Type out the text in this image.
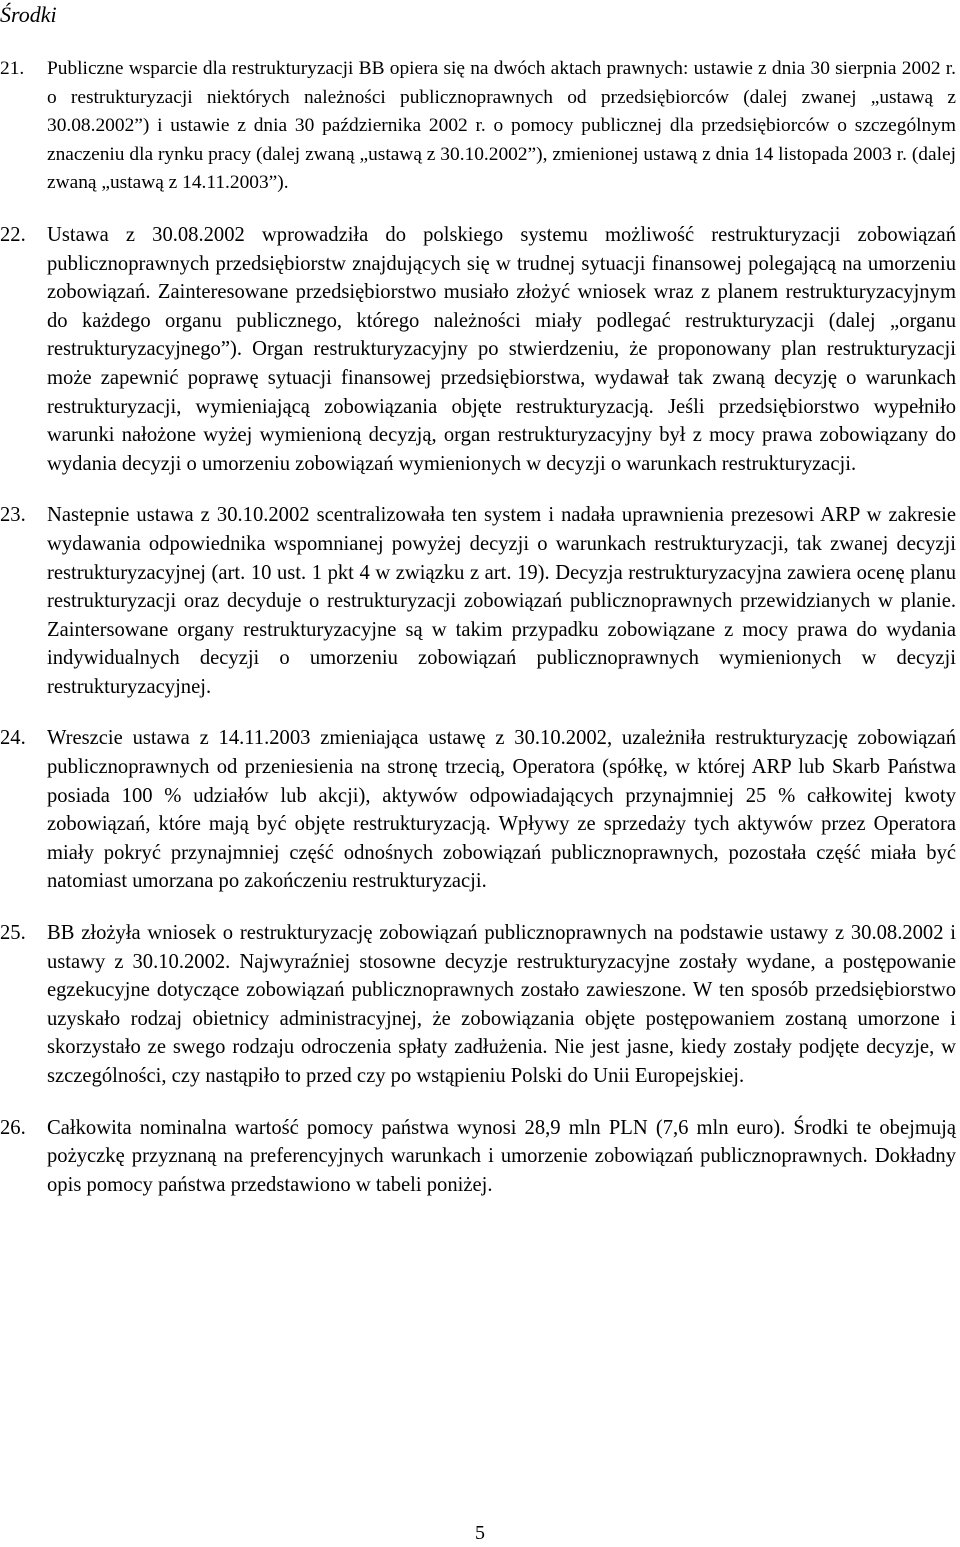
Środki
21. Publiczne wsparcie dla restrukturyzacji BB opiera się na dwóch aktach prawnych: ustawie z dnia 30 sierpnia 2002 r. o restrukturyzacji niektórych należności publicznoprawnych od przedsiębiorców (dalej zwanej „ustawą z 30.08.2002”) i ustawie z dnia 30 października 2002 r. o pomocy publicznej dla przedsiębiorców o szczególnym znaczeniu dla rynku pracy (dalej zwaną „ustawą z 30.10.2002”), zmienionej ustawą z dnia 14 listopada 2003 r. (dalej zwaną „ustawą z 14.11.2003”).
22. Ustawa z 30.08.2002 wprowadziła do polskiego systemu możliwość restrukturyzacji zobowiązań publicznoprawnych przedsiębiorstw znajdujących się w trudnej sytuacji finansowej polegającą na umorzeniu zobowiązań. Zainteresowane przedsiębiorstwo musiało złożyć wniosek wraz z planem restrukturyzacyjnym do każdego organu publicznego, którego należności miały podlegać restrukturyzacji (dalej „organu restrukturyzacyjnego”). Organ restrukturyzacyjny po stwierdzeniu, że proponowany plan restrukturyzacji może zapewnić poprawę sytuacji finansowej przedsiębiorstwa, wydawał tak zwaną decyzję o warunkach restrukturyzacji, wymieniającą zobowiązania objęte restrukturyzacją. Jeśli przedsiębiorstwo wypełniło warunki nałożone wyżej wymienioną decyzją, organ restrukturyzacyjny był z mocy prawa zobowiązany do wydania decyzji o umorzeniu zobowiązań wymienionych w decyzji o warunkach restrukturyzacji.
23. Nastepnie ustawa z 30.10.2002 scentralizowała ten system i nadała uprawnienia prezesowi ARP w zakresie wydawania odpowiednika wspomnianej powyżej decyzji o warunkach restrukturyzacji, tak zwanej decyzji restrukturyzacyjnej (art. 10 ust. 1 pkt 4 w związku z art. 19). Decyzja restrukturyzacyjna zawiera ocenę planu restrukturyzacji oraz decyduje o restrukturyzacji zobowiązań publicznoprawnych przewidzianych w planie. Zaintersowane organy restrukturyzacyjne są w takim przypadku zobowiązane z mocy prawa do wydania indywidualnych decyzji o umorzeniu zobowiązań publicznoprawnych wymienionych w decyzji restrukturyzacyjnej.
24. Wreszcie ustawa z 14.11.2003 zmieniająca ustawę z 30.10.2002, uzależniła restrukturyzację zobowiązań publicznoprawnych od przeniesienia na stronę trzecią, Operatora (spółkę, w której ARP lub Skarb Państwa posiada 100 % udziałów lub akcji), aktywów odpowiadających przynajmniej 25 % całkowitej kwoty zobowiązań, które mają być objęte restrukturyzacją. Wpływy ze sprzedaży tych aktywów przez Operatora miały pokryć przynajmniej część odnośnych zobowiązań publicznoprawnych, pozostała część miała być natomiast umorzana po zakończeniu restrukturyzacji.
25. BB złożyła wniosek o restrukturyzację zobowiązań publicznoprawnych na podstawie ustawy z 30.08.2002 i ustawy z 30.10.2002. Najwyraźniej stosowne decyzje restrukturyzacyjne zostały wydane, a postępowanie egzekucyjne dotyczące zobowiązań publicznoprawnych zostało zawieszone. W ten sposób przedsiębiorstwo uzyskało rodzaj obietnicy administracyjnej, że zobowiązania objęte postępowaniem zostaną umorzone i skorzystało ze swego rodzaju odroczenia spłaty zadłużenia. Nie jest jasne, kiedy zostały podjęte decyzje, w szczególności, czy nastąpiło to przed czy po wstąpieniu Polski do Unii Europejskiej.
26. Całkowita nominalna wartość pomocy państwa wynosi 28,9 mln PLN (7,6 mln euro). Środki te obejmują pożyczkę przyznaną na preferencyjnych warunkach i umorzenie zobowiązań publicznoprawnych. Dokładny opis pomocy państwa przedstawiono w tabeli poniżej.
5
